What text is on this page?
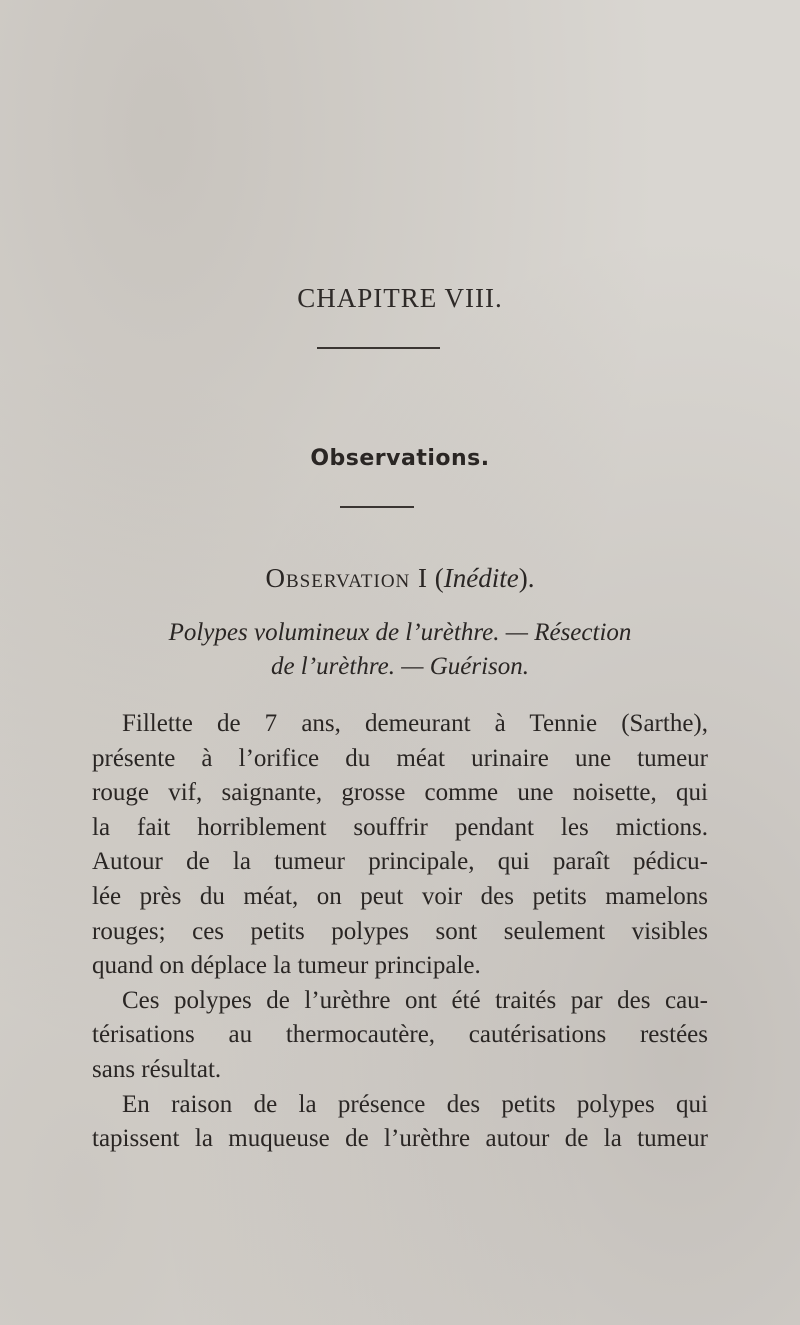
CHAPITRE VIII.
Observations.
Observation I (Inédite).
Polypes volumineux de l’urèthre. — Résection
de l’urèthre. — Guérison.
Fillette de 7 ans, demeurant à Tennie (Sarthe),
présente à l’orifice du méat urinaire une tumeur
rouge vif, saignante, grosse comme une noisette, qui
la fait horriblement souffrir pendant les mictions.
Autour de la tumeur principale, qui paraît pédicu-
lée près du méat, on peut voir des petits mamelons
rouges; ces petits polypes sont seulement visibles
quand on déplace la tumeur principale.
Ces polypes de l’urèthre ont été traités par des cau-
térisations au thermocautère, cautérisations restées
sans résultat.
En raison de la présence des petits polypes qui
tapissent la muqueuse de l’urèthre autour de la tumeur
